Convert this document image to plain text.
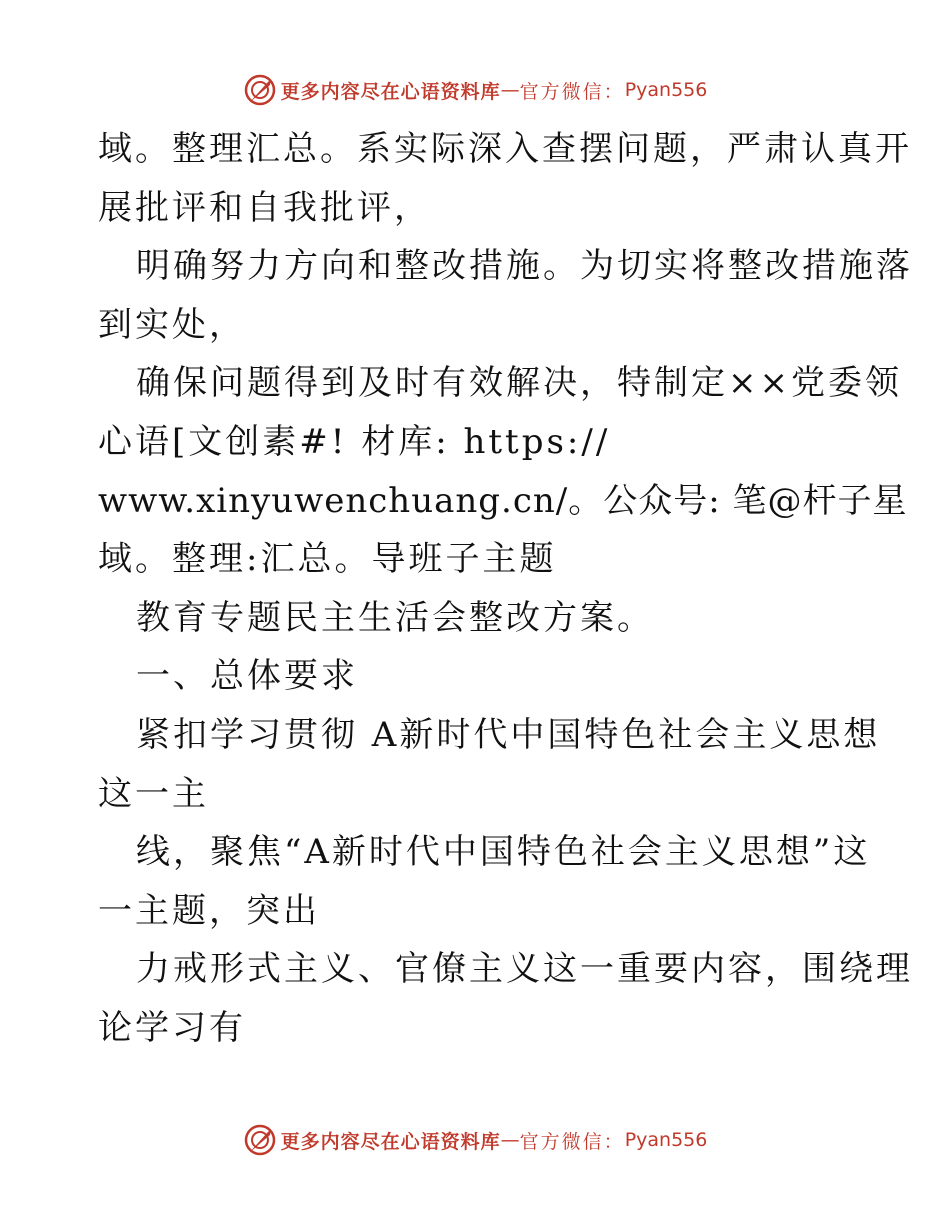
更多内容尽在心语资料库 — 官方微信： Pyan556
域。整理汇总。系实际深入查摆问题，严肃认真开
展批评和自我批评，
明确努力方向和整改措施。为切实将整改措施落
到实处，
确保问题得到及时有效解决，特制定××党委领
心语[文创素#! 材库: https://
www.xinyuwenchuang.cn/。公众号: 笔@杆子星
域。整理:汇总。导班子主题
教育专题民主生活会整改方案。
一、总体要求
紧扣学习贯彻 A新时代中国特色社会主义思想
这一主
线，聚焦“A新时代中国特色社会主义思想”这
一主题，突出
力戒形式主义、官僚主义这一重要内容，围绕理
论学习有
更多内容尽在心语资料库 — 官方微信： Pyan556
